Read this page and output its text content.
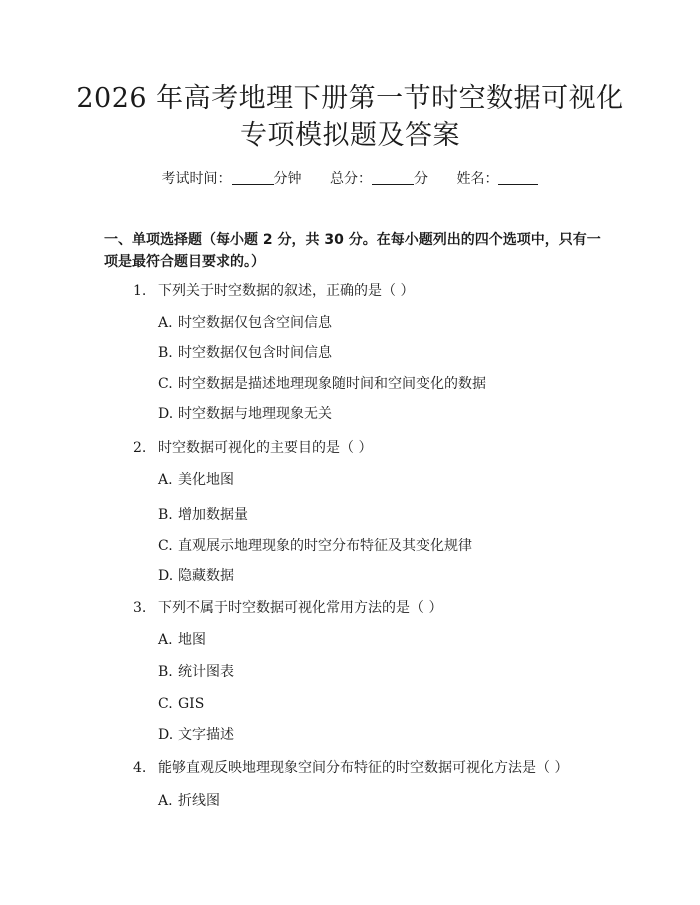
2026 年高考地理下册第一节时空数据可视化
专项模拟题及答案
考试时间：	分钟 总分：	分 姓名：
一、单项选择题（每小题 2 分，共 30 分。在每小题列出的四个选项中，只有一项是最符合题目要求的。）
1. 下列关于时空数据的叙述，正确的是（ ）
A. 时空数据仅包含空间信息
B. 时空数据仅包含时间信息
C. 时空数据是描述地理现象随时间和空间变化的数据
D. 时空数据与地理现象无关
2. 时空数据可视化的主要目的是（ ）
A. 美化地图
B. 增加数据量
C. 直观展示地理现象的时空分布特征及其变化规律
D. 隐藏数据
3. 下列不属于时空数据可视化常用方法的是（ ）
A. 地图
B. 统计图表
C. GIS
D. 文字描述
4. 能够直观反映地理现象空间分布特征的时空数据可视化方法是（ ）
A. 折线图
